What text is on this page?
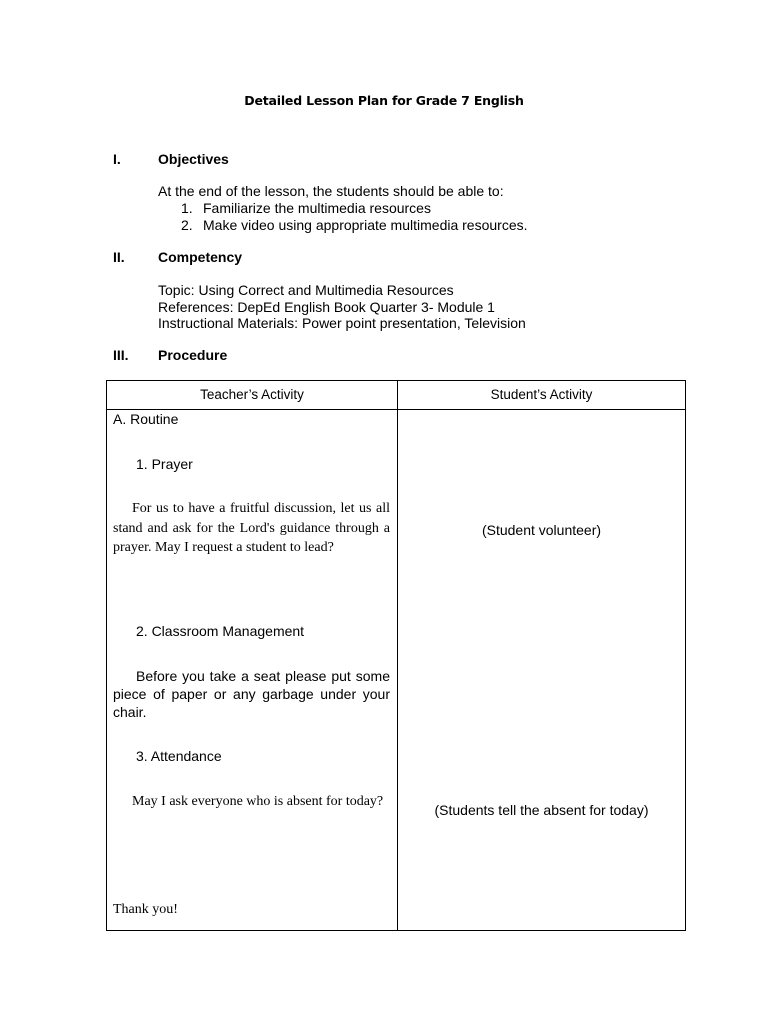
Detailed Lesson Plan for Grade 7 English
I.	Objectives
At the end of the lesson, the students should be able to:
1. Familiarize the multimedia resources
2. Make video using appropriate multimedia resources.
II. Competency
Topic: Using Correct and Multimedia Resources
References: DepEd English Book Quarter 3- Module 1
Instructional Materials: Power point presentation, Television
III. Procedure
Teacher’s Activity	Student’s Activity
A. Routine
1. Prayer
For us to have a fruitful discussion, let us all stand and ask for the Lord's guidance through a prayer. May I request a student to lead?
2. Classroom Management
Before you take a seat please put some piece of paper or any garbage under your chair.
3. Attendance
May I ask everyone who is absent for today?
Thank you!
(Student volunteer)
(Students tell the absent for today)
